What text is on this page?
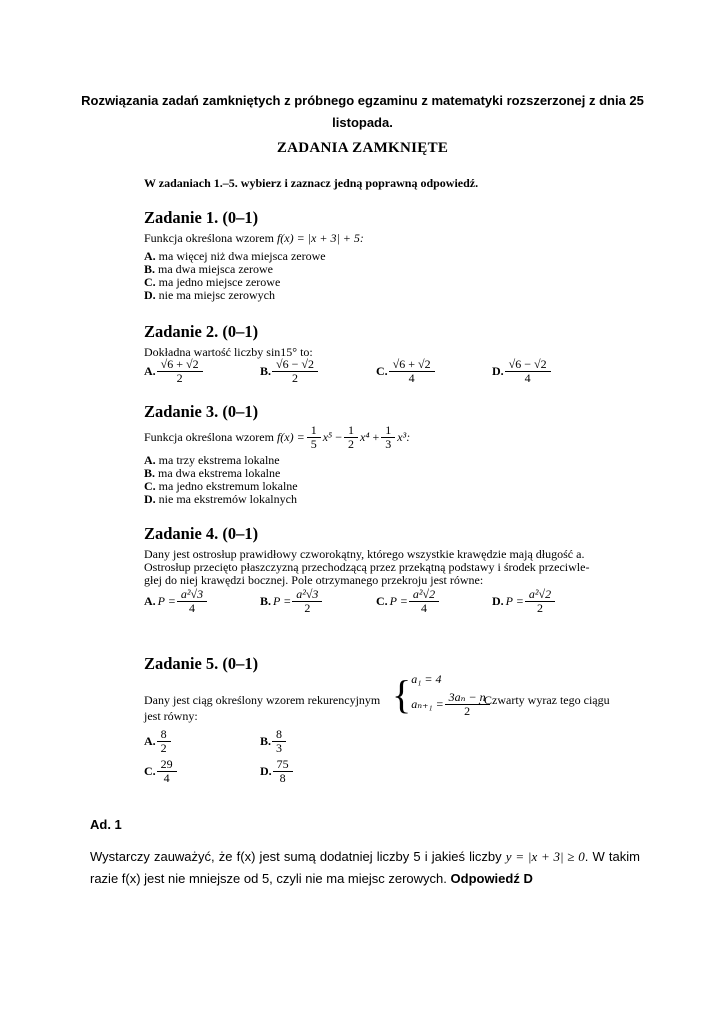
Rozwiązania zadań zamkniętych z próbnego egzaminu z matematyki rozszerzonej z dnia 25
listopada.
ZADANIA ZAMKNIĘTE
W zadaniach 1.–5. wybierz i zaznacz jedną poprawną odpowiedź.
Zadanie 1. (0–1)
Funkcja określona wzorem f(x) = |x + 3| + 5:
A. ma więcej niż dwa miejsca zerowe
B. ma dwa miejsca zerowe
C. ma jedno miejsce zerowe
D. nie ma miejsc zerowych
Zadanie 2. (0–1)
Dokładna wartość liczby sin15° to:
A. $\frac{√6 + √2}{2}$	B. $\frac{√6 - √2}{2}$	C. $\frac{√6 + √2}{4}$	D. $\frac{√6 - √2}{4}$
Zadanie 3. (0–1)
Funkcja określona wzorem $f(x) = \frac{1}{5} x^5 - \frac{1}{2} x^4 + \frac{1}{3} x^3$:
A. ma trzy ekstrema lokalne
B. ma dwa ekstrema lokalne
C. ma jedno ekstremum lokalne
D. nie ma ekstremów lokalnych
Zadanie 4. (0–1)
Dany jest ostrosłup prawidłowy czworokątny, którego wszystkie krawędzie mają długość a.
Ostrosłup przecięto płaszczyzną przechodzącą przez przekątną podstawy i środek przeciwle-
głej do niej krawędzi bocznej. Pole otrzymanego przekroju jest równe:
A. $P = \frac{\text{a²√3}}{4}$	B. $P = \frac{\text{a²√3}}{2}$	C. $P = \frac{\text{a²√2}}{4}$	D. $P = \frac{\text{a²√2}}{2}$
Zadanie 5. (0–1)
Dany jest ciąg określony wzorem rekurencyjnym { a₁ = 4
$a_{n+1} = \frac{\text{3aₙ − n}}{2}$
. Czwarty wyraz tego ciągu
jest równy:
A. $\frac{8}{2}$	B. $\frac{8}{3}$
C. $\frac{29}{4}$	D. $\frac{75}{8}$
Ad. 1
Wystarczy zauważyć, że f(x) jest sumą dodatniej liczby 5 i jakieś liczby y = |x + 3| ≥ 0. W takim razie f(x) jest nie mniejsze od 5, czyli nie ma miejsc zerowych. Odpowiedź D
